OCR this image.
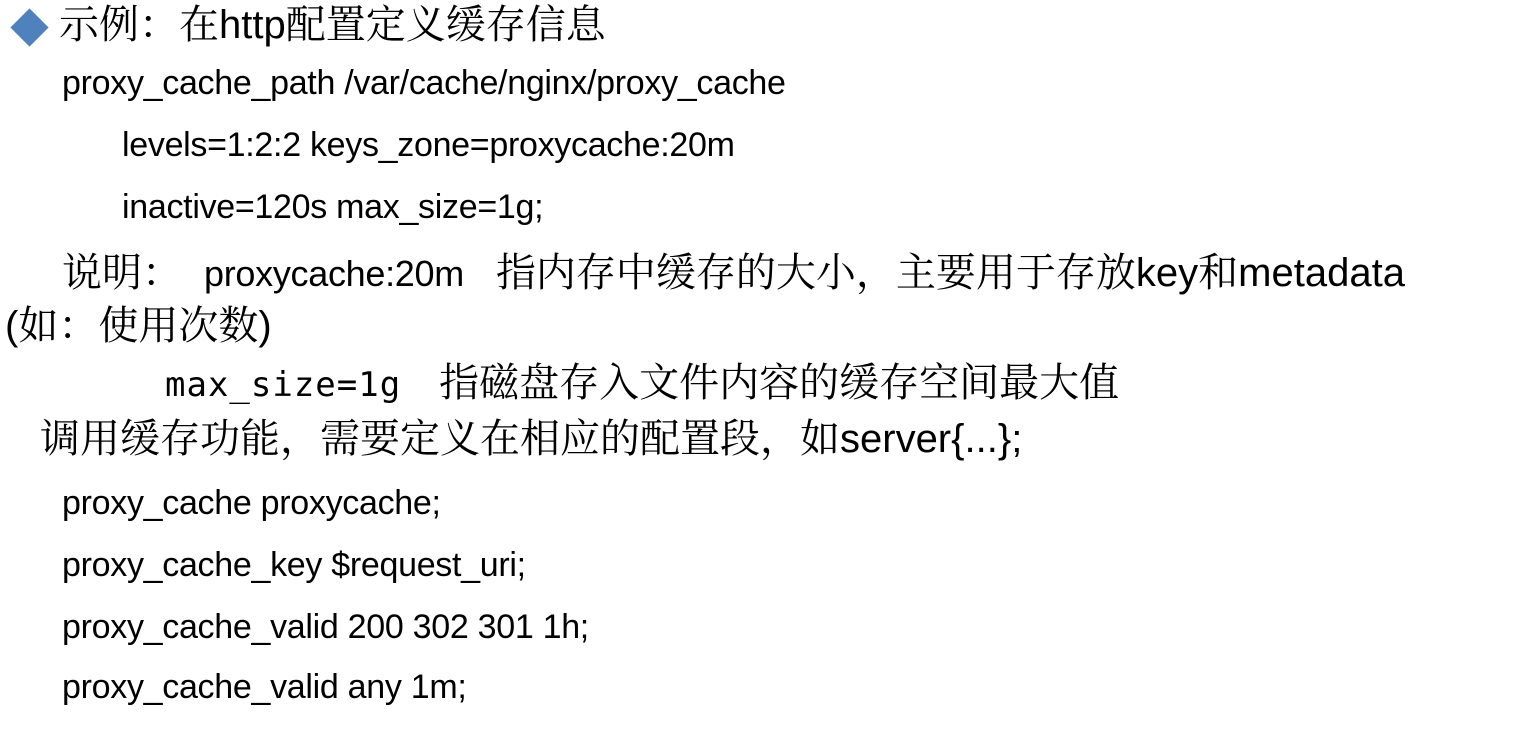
示例：在http配置定义缓存信息
proxy_cache_path /var/cache/nginx/proxy_cache
levels=1:2:2 keys_zone=proxycache:20m
inactive=120s max_size=1g;
说明： proxycache:20m 指内存中缓存的大小，主要用于存放key和metadata
(如：使用次数)
max_size=1g 指磁盘存入文件内容的缓存空间最大值
调用缓存功能，需要定义在相应的配置段，如server{...};
proxy_cache proxycache;
proxy_cache_key $request_uri;
proxy_cache_valid 200 302 301 1h;
proxy_cache_valid any 1m;
